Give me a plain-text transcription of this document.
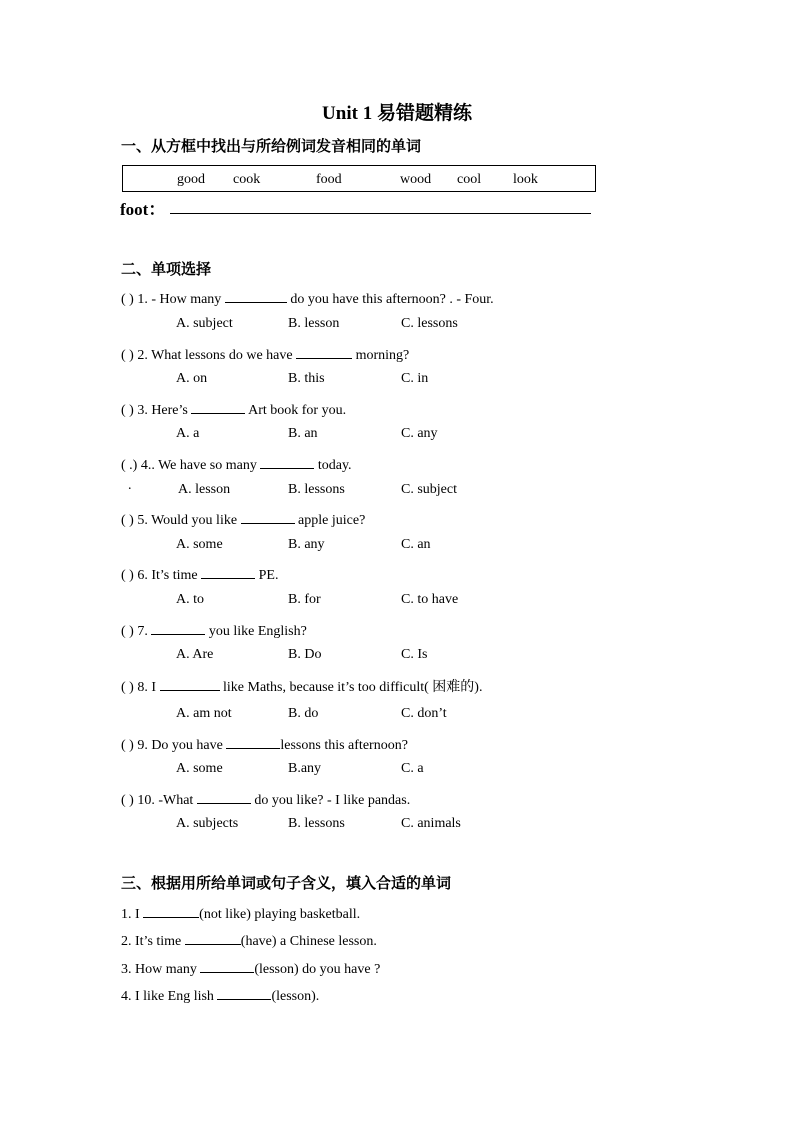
Unit 1 易错题精练
一、从方框中找出与所给例词发音相同的单词
good cook	food	wood cool look
foot：
二、单项选择
( ) 1. - How many	do you have this afternoon? . - Four.
A. subject	B. lesson	C. lessons
( ) 2. What lessons do we have	morning?
A. on	B. this	C. in
( ) 3. Here’s	Art book for you.
A. a	B. an	C. any
( .) 4.. We have so many	today.
.	A. lesson	B. lessons	C. subject
( ) 5. Would you like	apple juice?
A. some	B. any	C. an
( ) 6. It’s time	PE.
A. to	B. for	C. to have
( ) 7.	you like English?
A. Are	B. Do	C. Is
( ) 8. I	like Maths, because it’s too difficult( 困难的).
A. am not	B. do	C. don’t
( ) 9. Do you have	lessons this afternoon?
A. some	B.any	C. a
( ) 10. -What	do you like? - I like pandas.
A. subjects	B. lessons	C. animals
三、根据用所给单词或句子含义，填入合适的单词
1. I	(not like) playing basketball.
2. It’s time	(have) a Chinese lesson.
3. How many	(lesson) do you have ?
4. I like Eng lish	(lesson).
